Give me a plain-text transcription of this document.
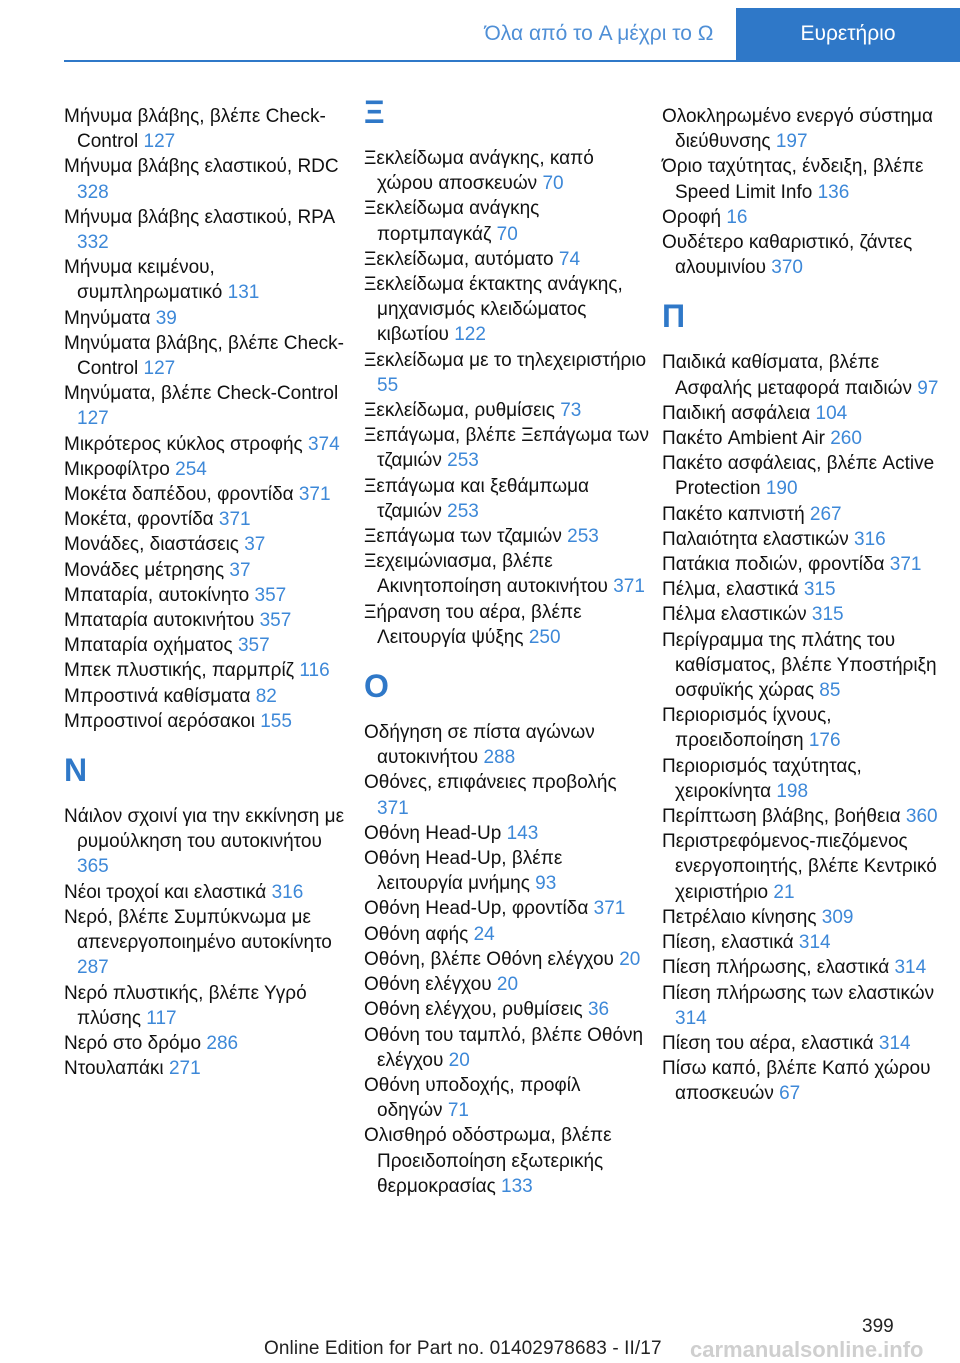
Όλα από το A μέχρι το Ω	Ευρετήριο
Μήνυμα βλάβης, βλέπε Check-Control 127
Μήνυμα βλάβης ελαστικού, RDC 328
Μήνυμα βλάβης ελαστικού, RPA 332
Μήνυμα κειμένου, συμπληρωματικό 131
Μηνύματα 39
Μηνύματα βλάβης, βλέπε Check-Control 127
Μηνύματα, βλέπε Check-Control 127
Μικρότερος κύκλος στροφής 374
Μικροφίλτρο 254
Μοκέτα δαπέδου, φροντίδα 371
Μοκέτα, φροντίδα 371
Μονάδες, διαστάσεις 37
Μονάδες μέτρησης 37
Μπαταρία, αυτοκίνητο 357
Μπαταρία αυτοκινήτου 357
Μπαταρία οχήματος 357
Μπεκ πλυστικής, παρμπρίζ 116
Μπροστινά καθίσματα 82
Μπροστινοί αερόσακοι 155
Ν
Νάιλον σχοινί για την εκκίνηση με ρυμούλκηση του αυτοκινήτου 365
Νέοι τροχοί και ελαστικά 316
Νερό, βλέπε Συμπύκνωμα με απενεργοποιημένο αυτοκίνητο 287
Νερό πλυστικής, βλέπε Υγρό πλύσης 117
Νερό στο δρόμο 286
Ντουλαπάκι 271
Ξ
Ξεκλείδωμα ανάγκης, καπό χώρου αποσκευών 70
Ξεκλείδωμα ανάγκης πορτμπαγκάζ 70
Ξεκλείδωμα, αυτόματο 74
Ξεκλείδωμα έκτακτης ανάγκης, μηχανισμός κλειδώματος κιβωτίου 122
Ξεκλείδωμα με το τηλεχειριστήριο 55
Ξεκλείδωμα, ρυθμίσεις 73
Ξεπάγωμα, βλέπε Ξεπάγωμα των τζαμιών 253
Ξεπάγωμα και ξεθάμπωμα τζαμιών 253
Ξεπάγωμα των τζαμιών 253
Ξεχειμώνιασμα, βλέπε Ακινητοποίηση αυτοκινήτου 371
Ξήρανση του αέρα, βλέπε Λειτουργία ψύξης 250
Ο
Οδήγηση σε πίστα αγώνων αυτοκινήτου 288
Οθόνες, επιφάνειες προβολής 371
Οθόνη Head-Up 143
Οθόνη Head-Up, βλέπε λειτουργία μνήμης 93
Οθόνη Head-Up, φροντίδα 371
Οθόνη αφής 24
Οθόνη, βλέπε Οθόνη ελέγχου 20
Οθόνη ελέγχου 20
Οθόνη ελέγχου, ρυθμίσεις 36
Οθόνη του ταμπλό, βλέπε Οθόνη ελέγχου 20
Οθόνη υποδοχής, προφίλ οδηγών 71
Ολισθηρό οδόστρωμα, βλέπε Προειδοποίηση εξωτερικής θερμοκρασίας 133
Ολοκληρωμένο ενεργό σύστημα διεύθυνσης 197
Όριο ταχύτητας, ένδειξη, βλέπε Speed Limit Info 136
Οροφή 16
Ουδέτερο καθαριστικό, ζάντες αλουμινίου 370
Π
Παιδικά καθίσματα, βλέπε Ασφαλής μεταφορά παιδιών 97
Παιδική ασφάλεια 104
Πακέτο Ambient Air 260
Πακέτο ασφάλειας, βλέπε Active Protection 190
Πακέτο καπνιστή 267
Παλαιότητα ελαστικών 316
Πατάκια ποδιών, φροντίδα 371
Πέλμα, ελαστικά 315
Πέλμα ελαστικών 315
Περίγραμμα της πλάτης του καθίσματος, βλέπε Υποστήριξη οσφυϊκής χώρας 85
Περιορισμός ίχνους, προειδοποίηση 176
Περιορισμός ταχύτητας, χειροκίνητα 198
Περίπτωση βλάβης, βοήθεια 360
Περιστρεφόμενος-πιεζόμενος ενεργοποιητής, βλέπε Κεντρικό χειριστήριο 21
Πετρέλαιο κίνησης 309
Πίεση, ελαστικά 314
Πίεση πλήρωσης, ελαστικά 314
Πίεση πλήρωσης των ελαστικών 314
Πίεση του αέρα, ελαστικά 314
Πίσω καπό, βλέπε Καπό χώρου αποσκευών 67
399
carmanualsonline.info
Online Edition for Part no. 01402978683 - II/17
